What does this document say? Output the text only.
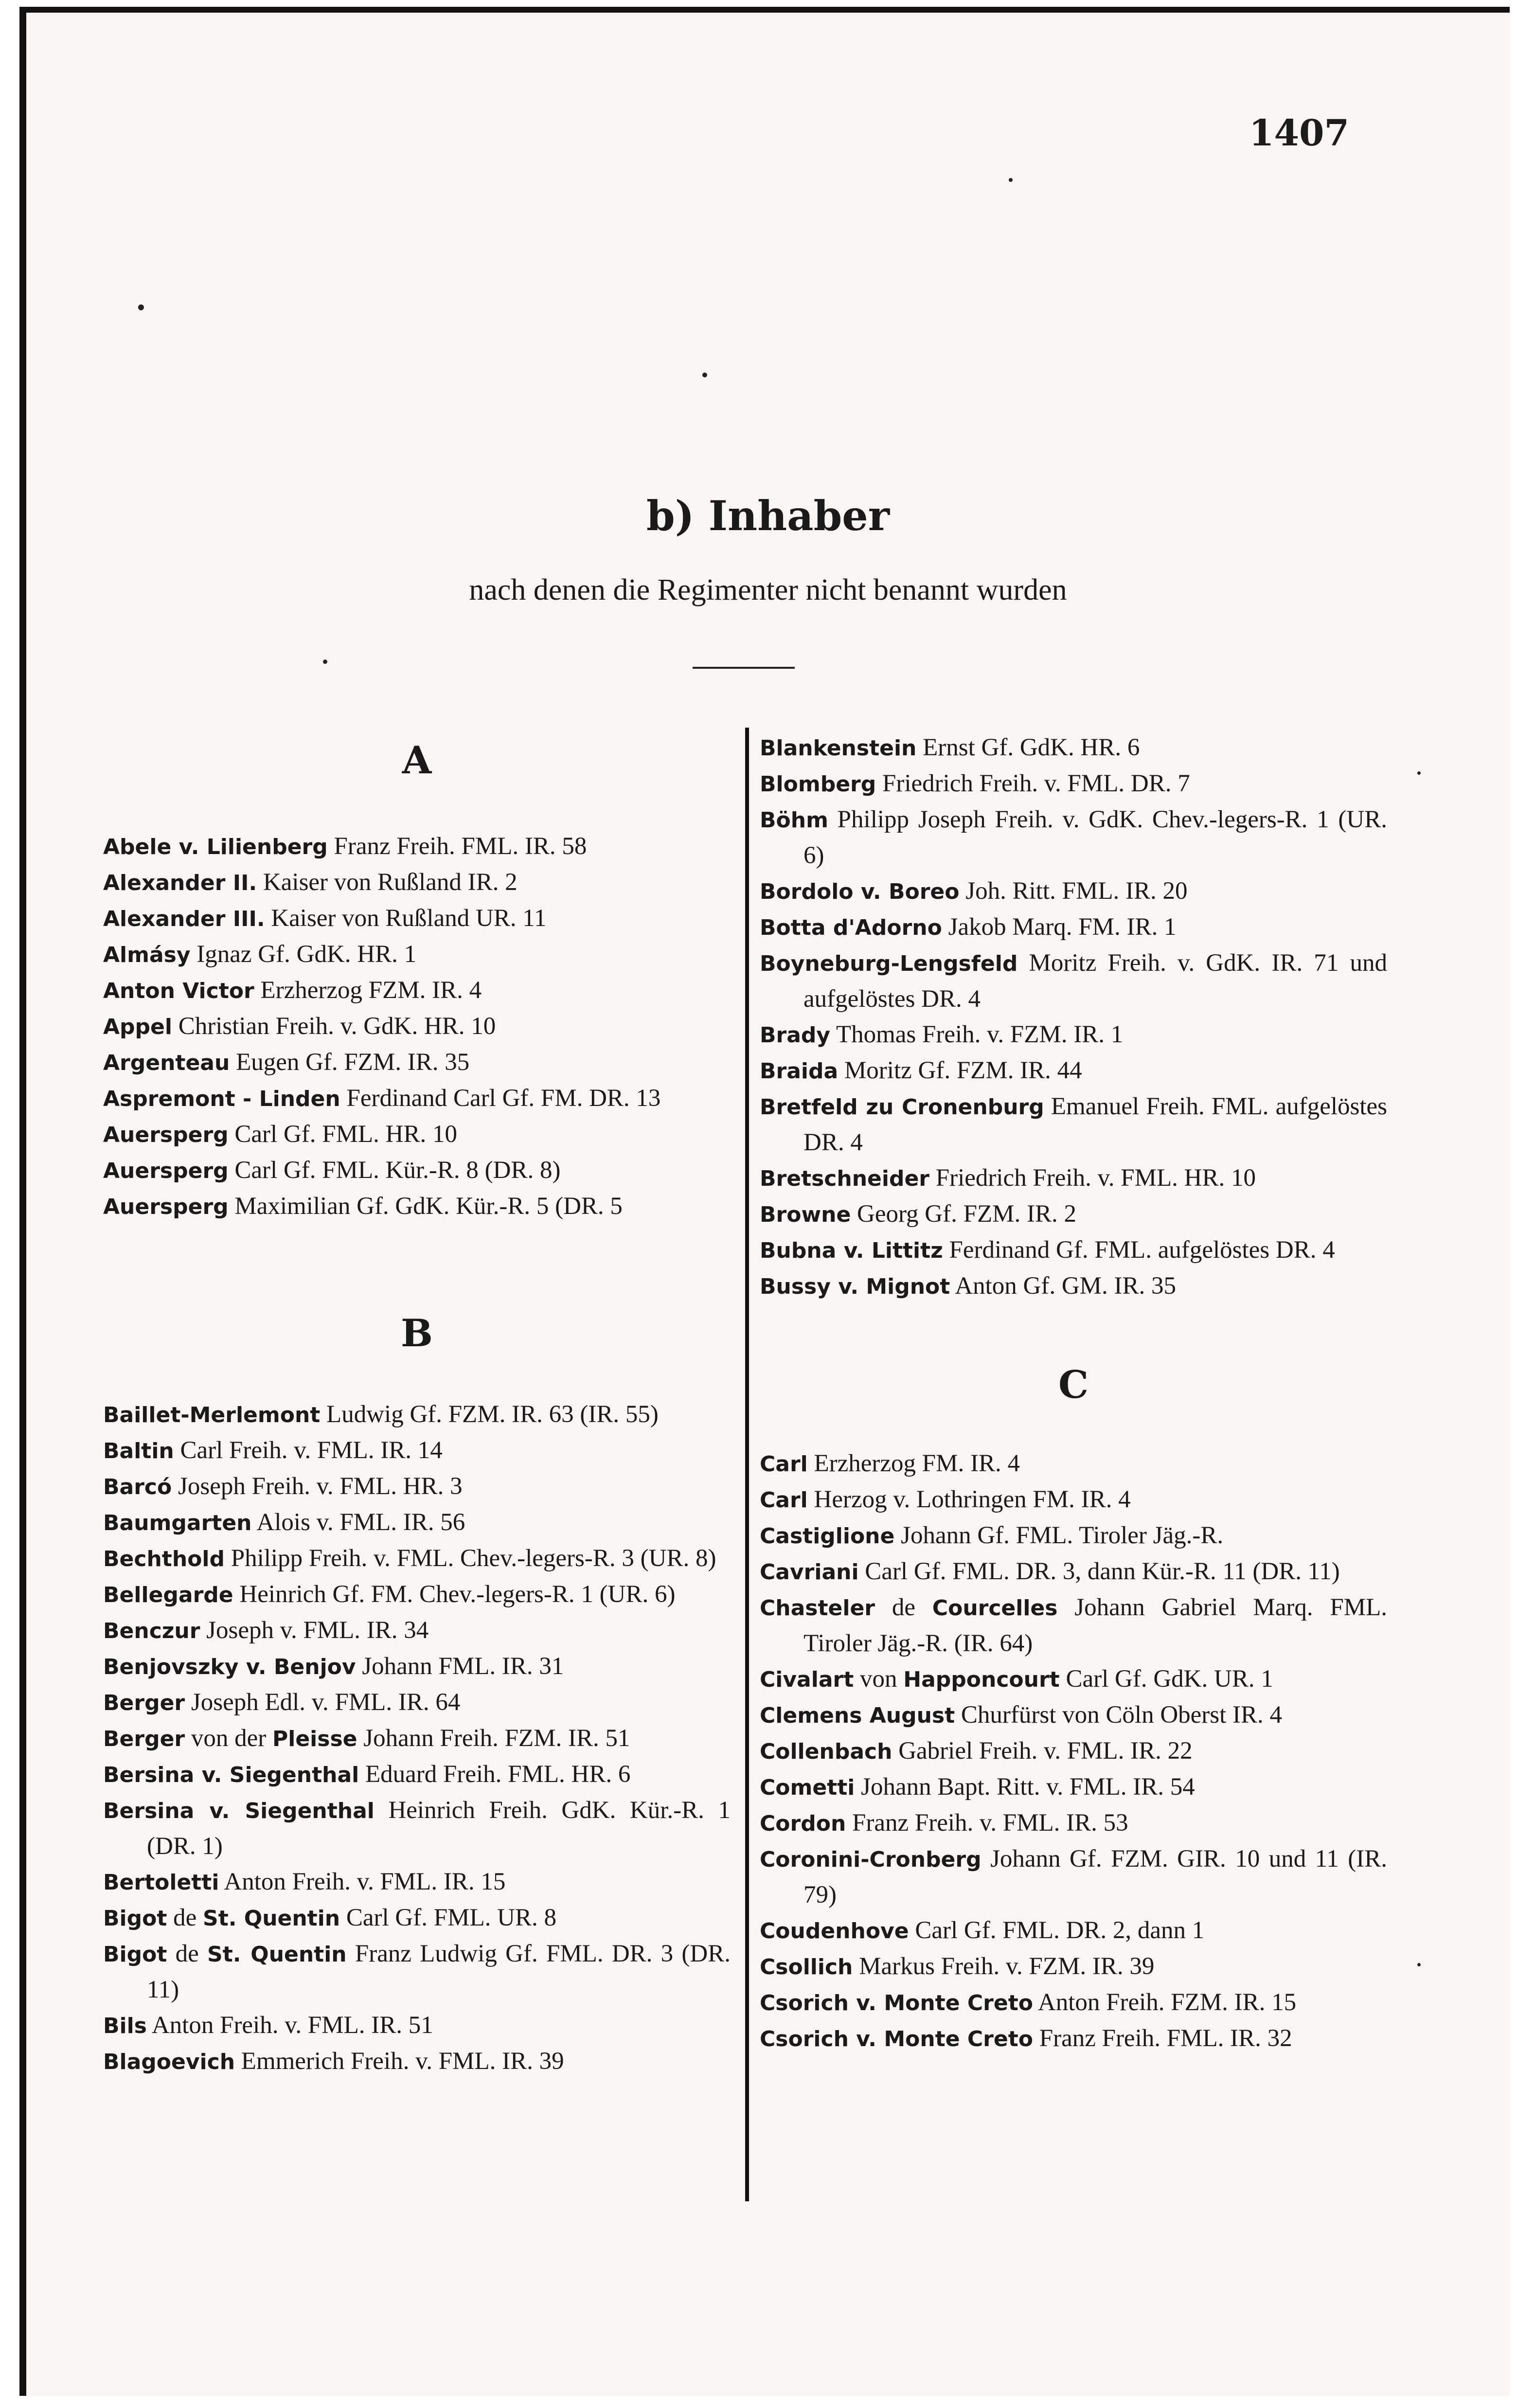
1407
b) Inhaber
nach denen die Regimenter nicht benannt wurden
A
Abele v. Lilienberg Franz Freih. FML. IR. 58
Alexander II. Kaiser von Rußland IR. 2
Alexander III. Kaiser von Rußland UR. 11
Almásy Ignaz Gf. GdK. HR. 1
Anton Victor Erzherzog FZM. IR. 4
Appel Christian Freih. v. GdK. HR. 10
Argenteau Eugen Gf. FZM. IR. 35
Aspremont - Linden Ferdinand Carl Gf. FM. DR. 13
Auersperg Carl Gf. FML. HR. 10
Auersperg Carl Gf. FML. Kür.-R. 8 (DR. 8)
Auersperg Maximilian Gf. GdK. Kür.-R. 5 (DR. 5
B
Baillet-Merlemont Ludwig Gf. FZM. IR. 63 (IR. 55)
Baltin Carl Freih. v. FML. IR. 14
Barcó Joseph Freih. v. FML. HR. 3
Baumgarten Alois v. FML. IR. 56
Bechthold Philipp Freih. v. FML. Chev.-legers-R. 3 (UR. 8)
Bellegarde Heinrich Gf. FM. Chev.-legers-R. 1 (UR. 6)
Benczur Joseph v. FML. IR. 34
Benjovszky v. Benjov Johann FML. IR. 31
Berger Joseph Edl. v. FML. IR. 64
Berger von der Pleisse Johann Freih. FZM. IR. 51
Bersina v. Siegenthal Eduard Freih. FML. HR. 6
Bersina v. Siegenthal Heinrich Freih. GdK. Kür.-R. 1 (DR. 1)
Bertoletti Anton Freih. v. FML. IR. 15
Bigot de St. Quentin Carl Gf. FML. UR. 8
Bigot de St. Quentin Franz Ludwig Gf. FML. DR. 3 (DR. 11)
Bils Anton Freih. v. FML. IR. 51
Blagoevich Emmerich Freih. v. FML. IR. 39
Blankenstein Ernst Gf. GdK. HR. 6
Blomberg Friedrich Freih. v. FML. DR. 7
Böhm Philipp Joseph Freih. v. GdK. Chev.-legers-R. 1 (UR. 6)
Bordolo v. Boreo Joh. Ritt. FML. IR. 20
Botta d'Adorno Jakob Marq. FM. IR. 1
Boyneburg-Lengsfeld Moritz Freih. v. GdK. IR. 71 und aufgelöstes DR. 4
Brady Thomas Freih. v. FZM. IR. 1
Braida Moritz Gf. FZM. IR. 44
Bretfeld zu Cronenburg Emanuel Freih. FML. aufgelöstes DR. 4
Bretschneider Friedrich Freih. v. FML. HR. 10
Browne Georg Gf. FZM. IR. 2
Bubna v. Littitz Ferdinand Gf. FML. aufgelöstes DR. 4
Bussy v. Mignot Anton Gf. GM. IR. 35
C
Carl Erzherzog FM. IR. 4
Carl Herzog v. Lothringen FM. IR. 4
Castiglione Johann Gf. FML. Tiroler Jäg.-R.
Cavriani Carl Gf. FML. DR. 3, dann Kür.-R. 11 (DR. 11)
Chasteler de Courcelles Johann Gabriel Marq. FML. Tiroler Jäg.-R. (IR. 64)
Civalart von Happoncourt Carl Gf. GdK. UR. 1
Clemens August Churfürst von Cöln Oberst IR. 4
Collenbach Gabriel Freih. v. FML. IR. 22
Cometti Johann Bapt. Ritt. v. FML. IR. 54
Cordon Franz Freih. v. FML. IR. 53
Coronini-Cronberg Johann Gf. FZM. GIR. 10 und 11 (IR. 79)
Coudenhove Carl Gf. FML. DR. 2, dann 1
Csollich Markus Freih. v. FZM. IR. 39
Csorich v. Monte Creto Anton Freih. FZM. IR. 15
Csorich v. Monte Creto Franz Freih. FML. IR. 32
